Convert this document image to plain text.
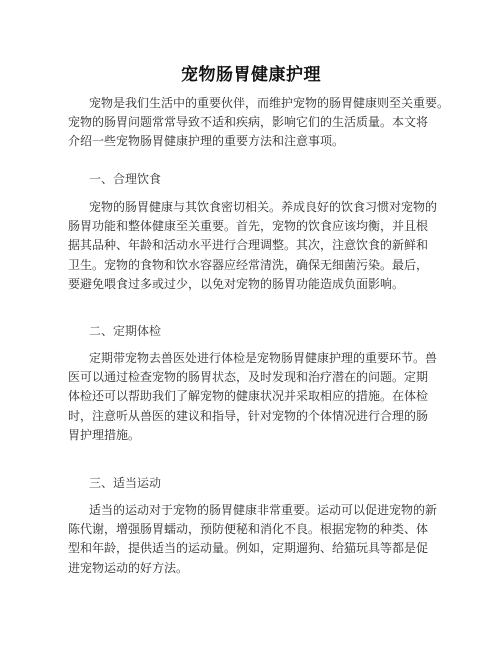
宠物肠胃健康护理
宠物是我们生活中的重要伙伴，而维护宠物的肠胃健康则至关重要。
宠物的肠胃问题常常导致不适和疾病，影响它们的生活质量。本文将
介绍一些宠物肠胃健康护理的重要方法和注意事项。
一、合理饮食
宠物的肠胃健康与其饮食密切相关。养成良好的饮食习惯对宠物的
肠胃功能和整体健康至关重要。首先，宠物的饮食应该均衡，并且根
据其品种、年龄和活动水平进行合理调整。其次，注意饮食的新鲜和
卫生。宠物的食物和饮水容器应经常清洗，确保无细菌污染。最后，
要避免喂食过多或过少，以免对宠物的肠胃功能造成负面影响。
二、定期体检
定期带宠物去兽医处进行体检是宠物肠胃健康护理的重要环节。兽
医可以通过检查宠物的肠胃状态，及时发现和治疗潜在的问题。定期
体检还可以帮助我们了解宠物的健康状况并采取相应的措施。在体检
时，注意听从兽医的建议和指导，针对宠物的个体情况进行合理的肠
胃护理措施。
三、适当运动
适当的运动对于宠物的肠胃健康非常重要。运动可以促进宠物的新
陈代谢，增强肠胃蠕动，预防便秘和消化不良。根据宠物的种类、体
型和年龄，提供适当的运动量。例如，定期遛狗、给猫玩具等都是促
进宠物运动的好方法。
